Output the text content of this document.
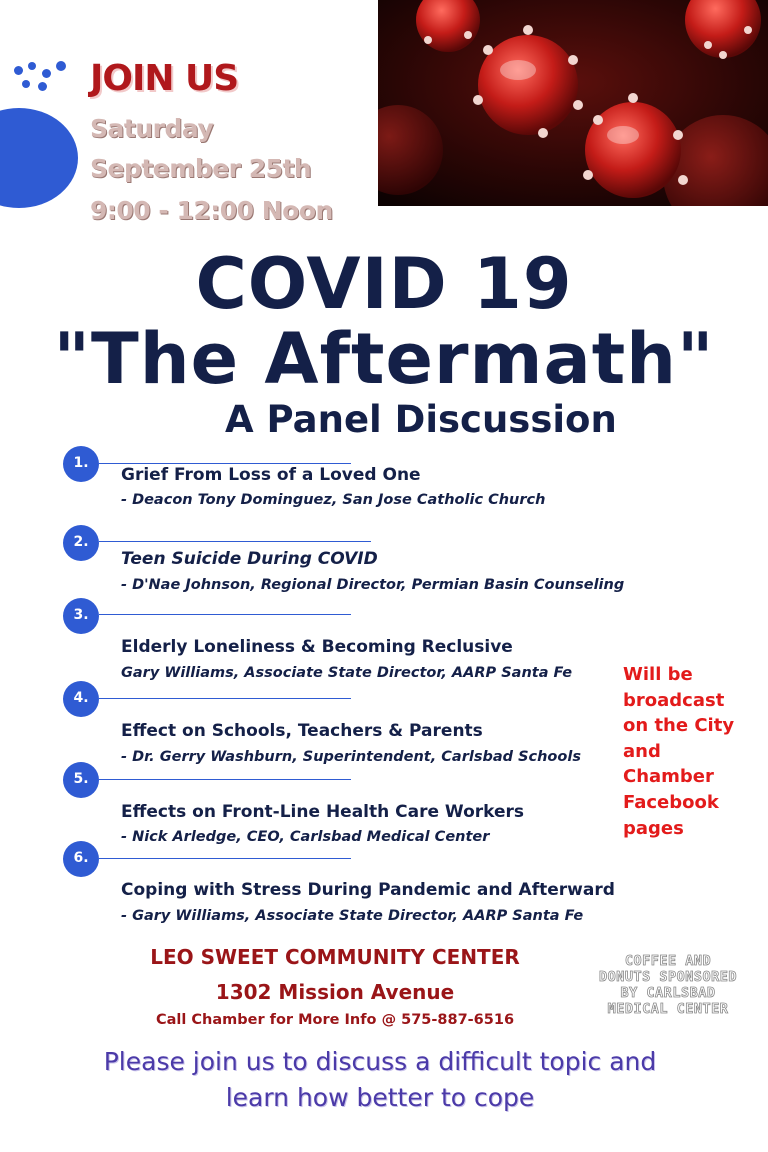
JOIN US
Saturday
September 25th
9:00 - 12:00 Noon
COVID 19
"The Aftermath"
A Panel Discussion
1.
Grief From Loss of a Loved One
- Deacon Tony Dominguez, San Jose Catholic Church
2.
Teen Suicide During COVID
- D'Nae Johnson, Regional Director, Permian Basin Counseling
3.
Elderly Loneliness & Becoming Reclusive
Gary Williams, Associate State Director, AARP Santa Fe
4.
Effect on Schools, Teachers & Parents
- Dr. Gerry Washburn, Superintendent, Carlsbad Schools
5.
Effects on Front-Line Health Care Workers
- Nick Arledge, CEO, Carlsbad Medical Center
6.
Coping with Stress During Pandemic and Afterward
- Gary Williams, Associate State Director, AARP Santa Fe
Will be
broadcast
on the City
and
Chamber
Facebook
pages
LEO SWEET COMMUNITY CENTER
1302 Mission Avenue
Call Chamber for More Info @ 575-887-6516
COFFEE AND
DONUTS SPONSORED
BY CARLSBAD
MEDICAL CENTER
Please join us to discuss a difficult topic and
learn how better to cope
